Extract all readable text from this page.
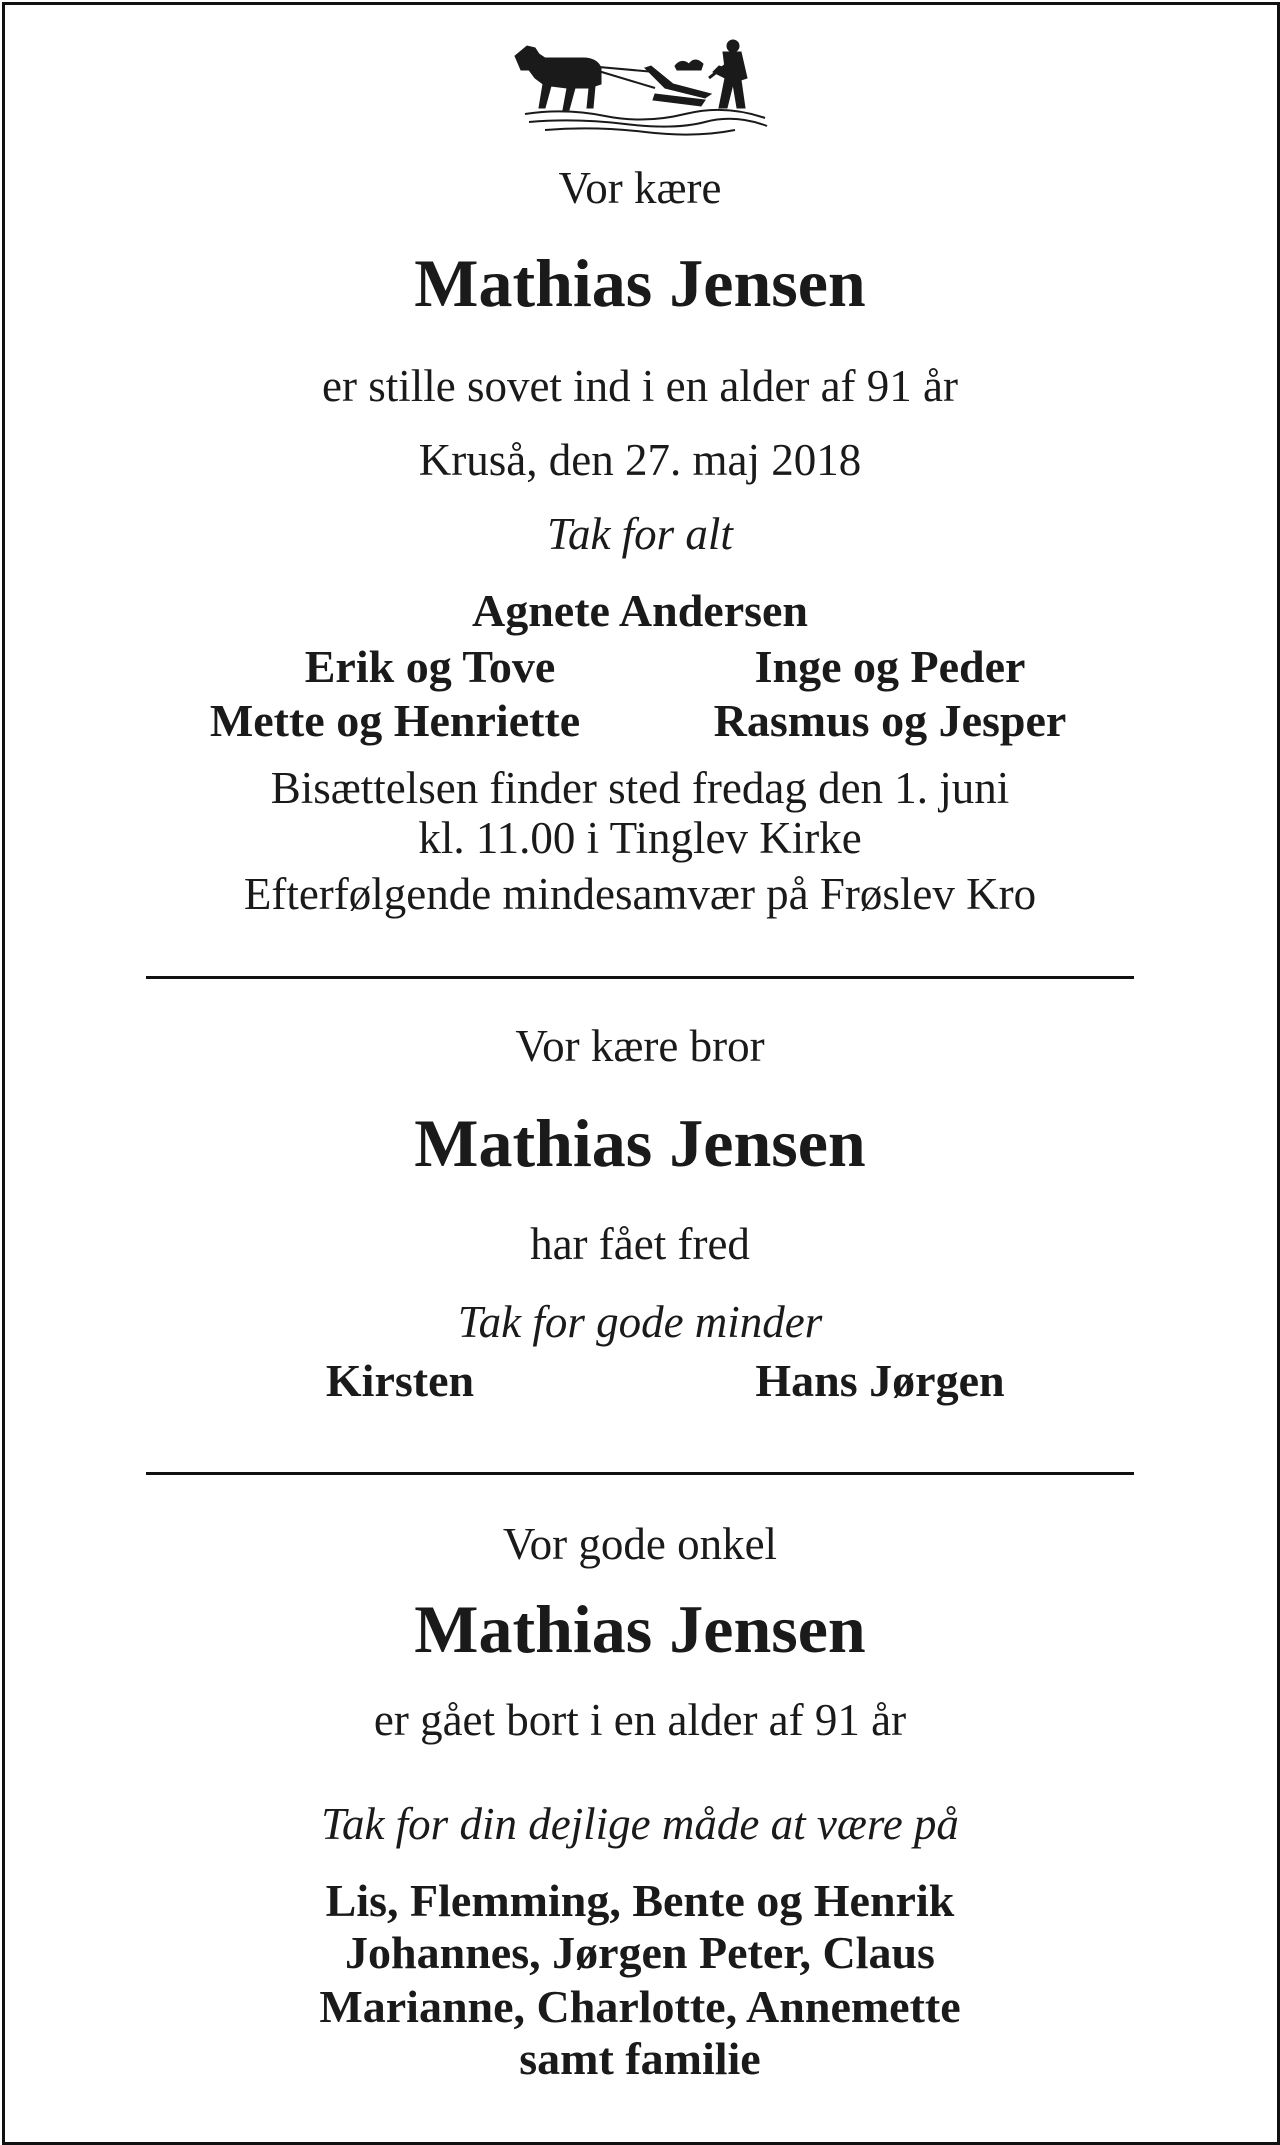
Vor kære
Mathias Jensen
er stille sovet ind i en alder af 91 år
Kruså, den 27. maj 2018
Tak for alt
Agnete Andersen
Erik og Tove	Inge og Peder
Mette og Henriette	Rasmus og Jesper
Bisættelsen finder sted fredag den 1. juni
kl. 11.00 i Tinglev Kirke
Efterfølgende mindesamvær på Frøslev Kro
Vor kære bror
Mathias Jensen
har fået fred
Tak for gode minder
Kirsten	Hans Jørgen
Vor gode onkel
Mathias Jensen
er gået bort i en alder af 91 år
Tak for din dejlige måde at være på
Lis, Flemming, Bente og Henrik
Johannes, Jørgen Peter, Claus
Marianne, Charlotte, Annemette
samt familie
